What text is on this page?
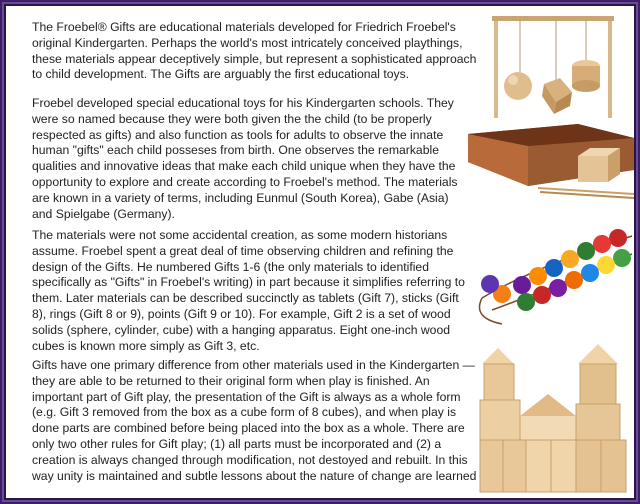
The Froebel® Gifts are educational materials developed for Friedrich Froebel's original Kindergarten. Perhaps the world's most intricately conceived playthings, these materials appear deceptively simple, but represent a sophisticated approach to child development. The Gifts are arguably the first educational toys.

Froebel developed special educational toys for his Kindergarten schools. They were so named because they were both given the the child (to be properly respected as gifts) and also function as tools for adults to observe the innate human "gifts" each child posseses from birth. One observes the remarkable qualities and innovative ideas that make each child unique when they have the opportunity to explore and create according to Froebel's method. The materials are known in a variety of terms, including Eunmul (South Korea), Gabe (Asia) and Spielgabe (Germany).

The materials were not some accidental creation, as some modern historians assume. Froebel spent a great deal of time observing children and refining the design of the Gifts. He numbered Gifts 1-6 (the only materials to identified specifically as "Gifts" in Froebel's writing) in part because it simplifies referring to them. Later materials can be described succinctly as tablets (Gift 7), sticks (Gift 8), rings (Gift 8 or 9), points (Gift 9 or 10). For example, Gift 2 is a set of wood solids (sphere, cylinder, cube) with a hanging apparatus. Eight one-inch wood cubes is known more simply as Gift 3, etc.

Gifts have one primary difference from other materials used in the Kindergarten — they are able to be returned to their original form when play is finished. An important part of Gift play, the presentation of the Gift is always as a whole form (e.g. Gift 3 removed from the box as a cube form of 8 cubes), and when play is done parts are combined before being placed into the box as a whole. There are only two other rules for Gift play; (1) all parts must be incorporated and (2) a creation is always changed through modification, not destoyed and rebuilt. In this way unity is maintained and subtle lessons about the nature of change are learned
